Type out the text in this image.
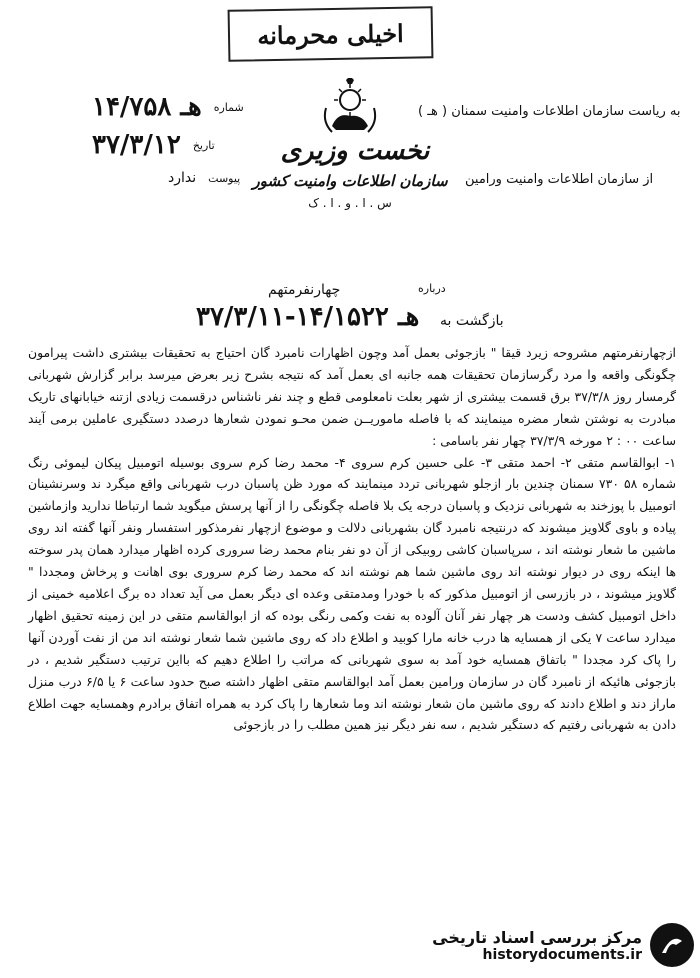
اخیلی محرمانه
۱۴/۷۵۸ هـ شماره
۳۷/۳/۱۲ تاریخ
ندارد پیوست
نخست وزیری
سازمان اطلاعات وامنیت کشور
س . ا . و . ا . ک
به ریاست سازمان اطلاعات وامنیت سمنان ( هـ )
از سازمان اطلاعات وامنیت ورامین
درباره
چهارنفرمتهم
بازگشت به
۳۷/۳/۱۱-۱۴/۱۵۲۲ هـ

ازچهارنفرمتهم مشروحه زیرد قیقا " بازجوئی بعمل آمد وچون اظهارات نامبرد گان احتیاج به تحقیقات بیشتری داشت پیرامون چگونگی واقعه وا مرد رگرسازمان تحقیقات همه جانبه ای بعمل آمد که نتیجه بشرح زیر بعرض میرسد برابر گزارش شهربانی گرمسار روز ۳۷/۳/۸ برق قسمت بیشتری از شهر بعلت نامعلومی قطع و چند نفر ناشناس درقسمت زیادی ازتنه خیابانهای تاریک مبادرت به نوشتن شعار مضره مینمایند که با فاصله ماموریــن ضمن محـو نمودن شعارها درصدد دستگیری عاملین برمی آیند ساعت ۰۰ : ۲ مورخه ۳۷/۳/۹ چهار نفر باسامی :

۱- ابوالقاسم متقی ۲- احمد متقی ۳- علی حسین کرم سروی ۴- محمد رضا کرم سروی بوسیله اتومبیل پیکان لیموئی رنگ شماره ۵۸ ۷۳۰ سمنان چندین بار ازجلو شهربانی تردد مینمایند که مورد ظن پاسبان درب شهربانی واقع میگرد ند وسرنشینان اتومبیل با پوزخند به شهربانی نزدیک و پاسبان درجه یک بلا فاصله چگونگی را از آنها پرسش میگوید شما ارتباطا ندارید وازماشین پیاده و باوی گلاویز میشوند که درنتیجه نامبرد گان بشهربانی دلالت و موضوع ازچهار نفرمذکور استفسار ونفر آنها گفته اند روی ماشین ما شعار نوشته اند ، سرپاسبان کاشی روبیکی از آن دو نفر بنام محمد رضا سروری کرده اظهار میدارد همان پدر سوخته ها اینکه روی در دیوار نوشته اند روی ماشین شما هم نوشته اند که محمد رضا کرم سروری بوی اهانت و پرخاش ومجددا " گلاویز میشوند ، در بازرسی از اتومبیل مذکور که با خودرا ومدمتقی وعده ای دیگر بعمل می آید تعداد ده برگ اعلامیه خمینی از داخل اتومبیل کشف ودست هر چهار نفر آنان آلوده به نفت وکمی رنگی بوده که از ابوالقاسم متقی در این زمینه تحقیق اظهار میدارد ساعت ۷ یکی از همسایه ها درب خانه مارا کوبید و اطلاع داد که روی ماشین شما شعار نوشته اند من از نفت آوردن آنها را پاک کرد مجددا " باتفاق همسایه خود آمد به سوی شهربانی که مراتب را اطلاع دهیم که بااین ترتیب دستگیر شدیم ، در بازجوئی هائیکه از نامبرد گان در سازمان ورامین بعمل آمد ابوالقاسم متقی اظهار داشته صبح حدود ساعت ۶ یا ۶/۵ درب منزل ماراز دند و اطلاع دادند که روی ماشین مان شعار نوشته اند وما شعارها را پاک کرد به همراه اتفاق برادرم وهمسایه جهت اطلاع دادن به شهربانی رفتیم که دستگیر شدیم ، سه نفر دیگر نیز همین مطلب را در بازجوئی

مرکز بررسی اسناد تاریخی
historydocuments.ir
